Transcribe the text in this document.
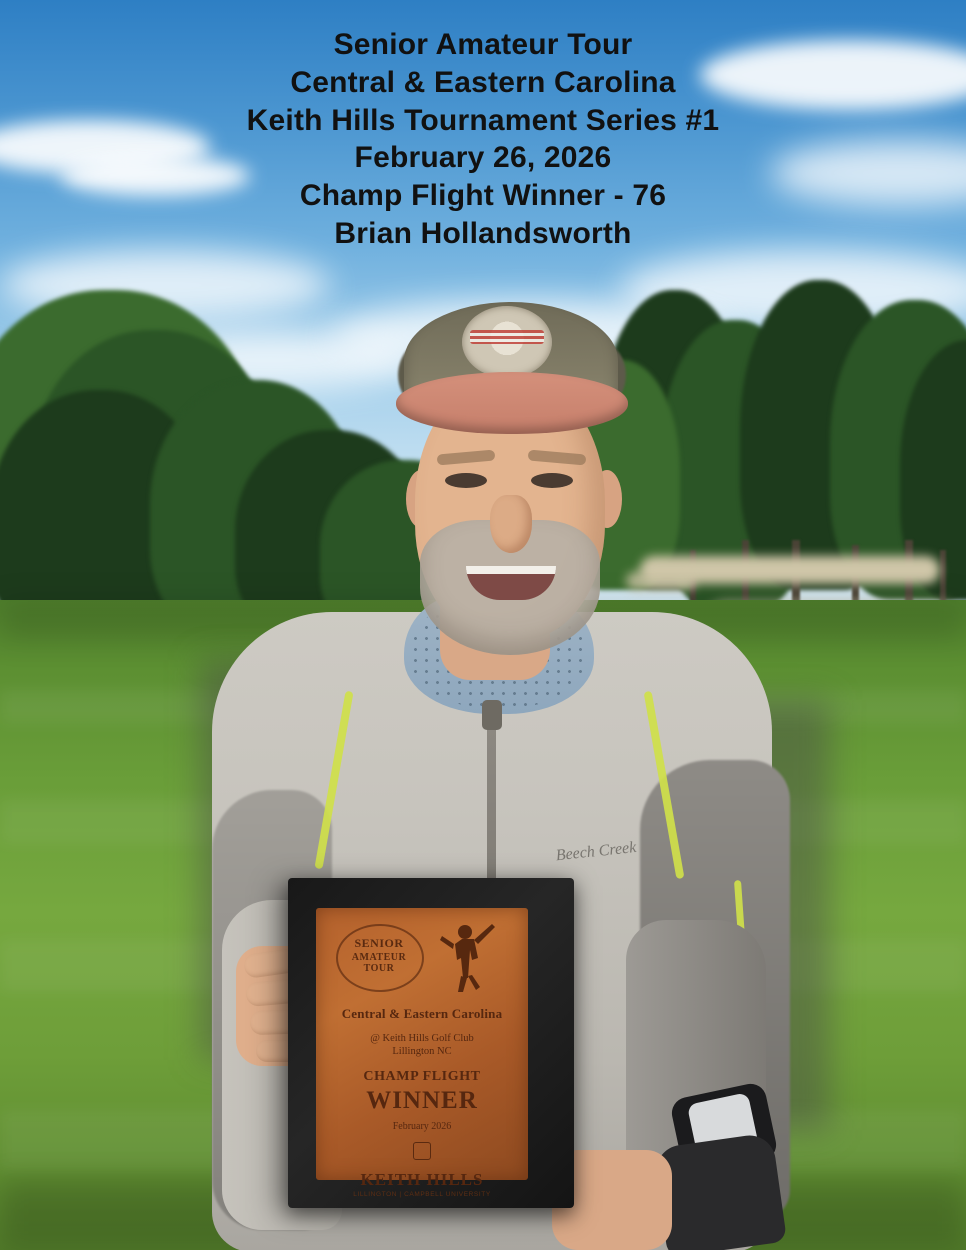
Beech Creek
SENIOR
AMATEUR TOUR
Central & Eastern Carolina
@ Keith Hills Golf Club
Lillington NC
CHAMP FLIGHT
WINNER
February 2026
KEITH HILLS
LILLINGTON | CAMPBELL UNIVERSITY
Senior Amateur Tour
Central & Eastern Carolina
Keith Hills Tournament Series #1
February 26, 2026
Champ Flight Winner - 76
Brian Hollandsworth
